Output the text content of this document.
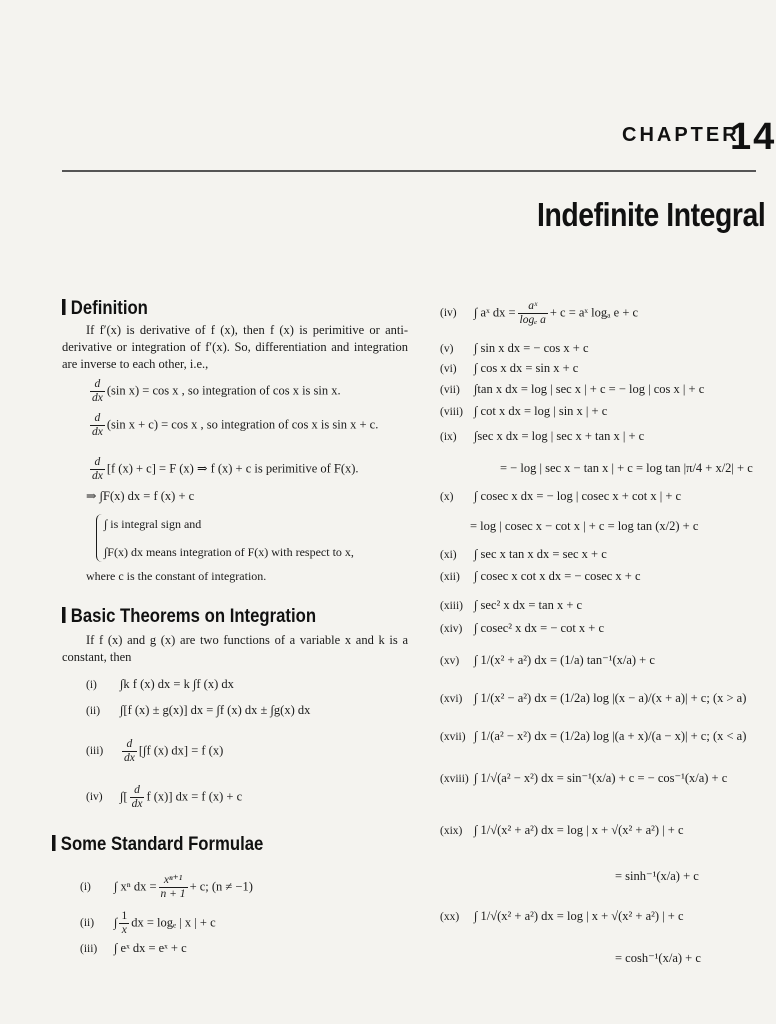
CHAPTER
14
Indefinite Integral
Definition
If f′(x) is derivative of f (x), then f (x) is perimitive or anti-derivative or integration of f′(x). So, differentiation and integration are inverse to each other, i.e.,
$\frac{d}{dx} (\sin$ x) = cos x , so integration of cos x is sin x.
$\frac{d}{dx} (\sin$ x + c) = cos x , so integration of cos x is sin x + c.
$\frac{d}{dx} [f$ (x) + c] = F (x) ⇒ f (x) + c is perimitive of F(x).
⇒ ∫F(x) dx = f (x) + c
∫ is integral sign and
∫F(x) dx means integration of F(x) with respect to x,
where c is the constant of integration.
Basic Theorems on Integration
If f (x) and g (x) are two functions of a variable x and k is a constant, then
(i) ∫k f (x) dx = k ∫f (x) dx
(ii) ∫[f (x) ± g(x)] dx = ∫f (x) dx ± ∫g(x) dx
$(iii) \frac{d}{dx} [\int f$ (x) dx] = f (x)
(iv) ∫[ $\frac{d}{dx}$ f (x)] dx = f (x) + c
Some Standard Formulae
(i) ∫ xⁿ dx = $\frac{\text{xⁿ⁺¹}}{n + 1} + c$; (n ≠ −1)
(ii) ∫ $\frac{1}{x}$ dx = logₑ | x | + c
(iii) ∫ eˣ dx = eˣ + c
(iv) ∫ aˣ dx = $\frac{\text{aˣ}}{\text{logₑ a}} + c$ = aˣ logₐ e + c
(v) ∫ sin x dx = − cos x + c
(vi) ∫ cos x dx = sin x + c
(vii) ∫tan x dx = log | sec x | + c = − log | cos x | + c
(viii) ∫ cot x dx = log | sin x | + c
(ix) ∫sec x dx = log | sec x + tan x | + c
= − log | sec x − tan x | + c = log tan |π/4 + x/2| + c
(x) ∫ cosec x dx = − log | cosec x + cot x | + c
= log | cosec x − cot x | + c = log tan (x/2) + c
(xi) ∫ sec x tan x dx = sec x + c
(xii) ∫ cosec x cot x dx = − cosec x + c
(xiii) ∫ sec² x dx = tan x + c
(xiv) ∫ cosec² x dx = − cot x + c
(xv) ∫ 1/(x² + a²) dx = (1/a) tan⁻¹(x/a) + c
(xvi) ∫ 1/(x² − a²) dx = (1/2a) log |(x − a)/(x + a)| + c; (x > a)
(xvii) ∫ 1/(a² − x²) dx = (1/2a) log |(a + x)/(a − x)| + c; (x < a)
(xviii) ∫ 1/√(a² − x²) dx = sin⁻¹(x/a) + c = − cos⁻¹(x/a) + c
(xix) ∫ 1/√(x² + a²) dx = log | x + √(x² + a²) | + c
= sinh⁻¹(x/a) + c
(xx) ∫ 1/√(x² + a²) dx = log | x + √(x² + a²) | + c
= cosh⁻¹(x/a) + c
